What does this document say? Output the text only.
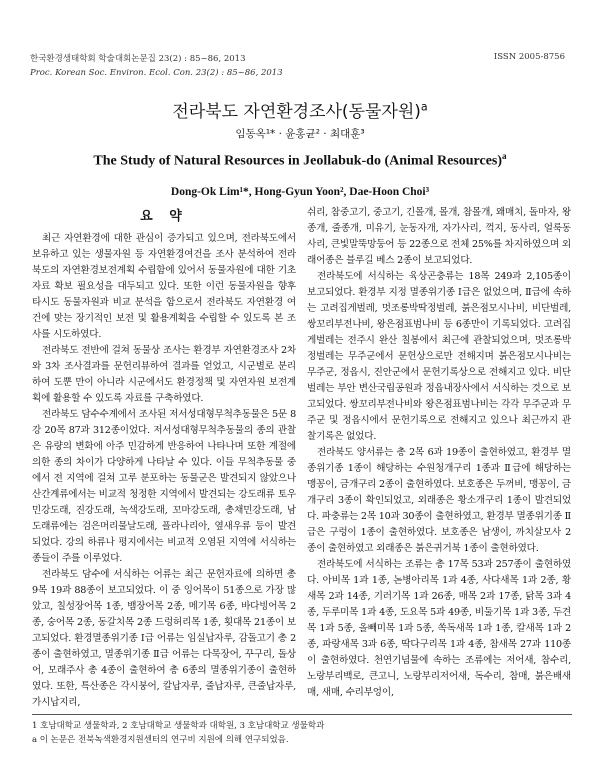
한국환경생태학회 학술대회논문집 23(2) : 85~86, 2013
Proc. Korean Soc. Environ. Ecol. Con. 23(2) : 85~86, 2013
ISSN 2005-8756
전라북도 자연환경조사(동물자원)$^a$
임동옥¹* · 윤홍균² · 최대훈³
The Study of Natural Resources in Jeollabuk-do (Animal Resources)$^a$
Dong-Ok Lim¹*, Hong-Gyun Yoon², Dae-Hoon Choi³
요 약

최근 자연환경에 대한 관심이 증가되고 있으며, 전라북도에서 보유하고 있는 생물자원 등 자연환경여건을 조사 분석하여 전라북도의 자연환경보전계획 수립함에 있어서 동물자원에 대한 기초자료 확보 필요성을 대두되고 있다. 또한 이런 동물자원을 향후 타시도 동물자원과 비교 분석을 함으로서 전라북도 자연환경 여건에 맞는 장기적인 보전 및 활용계획을 수립할 수 있도록 본 조사를 시도하였다.

전라북도 전반에 걸쳐 동물상 조사는 환경부 자연환경조사 2차와 3차 조사결과를 문헌리뷰하여 결과를 얻었고, 시군별로 분리하여 도뿐 만이 아니라 시군에서도 환경정책 및 자연자원 보전계획에 활용할 수 있도록 자료를 구축하였다.

전라북도 담수수계에서 조사된 저서성대형무척추동물은 5문 8강 20목 87과 312종이었다. 저서성대형무척추동물의 종의 관찰은 유량의 변화에 아주 민감하게 반응하여 나타나며 또한 계절에 의한 종의 차이가 다양하게 나타날 수 있다. 이들 무척추동물 중에서 전 지역에 걸쳐 고루 분포하는 동물군은 발견되지 않았으나 산간계류에서는 비교적 청정한 지역에서 발견되는 강도래류 토우민강도래, 진강도래, 녹색강도래, 꼬마강도래, 총채민강도래, 남도래류에는 검은머리물날도래, 플라나리아, 옆새우류 등이 발견되었다. 강의 하류나 평지에서는 비교적 오염된 지역에 서식하는 종들이 주를 이루었다.

전라북도 담수에 서식하는 어류는 최근 문헌자료에 의하면 총 9목 19과 88종이 보고되었다. 이 중 잉어목이 51종으로 가장 많았고, 칠성장어목 1종, 뱀장어목 2종, 메기목 6종, 바다빙어목 2종, 숭어목 2종, 동갈치목 2종 드렁허리목 1종, 횟대목 21종이 보고되었다. 환경멸종위기종 Ⅰ급 어류는 임실납자루, 감돌고기 총 2종이 출현하였고, 멸종위기종 Ⅱ급 어류는 다묵장어, 꾸구리, 돌상어, 모래주사 총 4종이 출현하여 총 6종의 멸종위기종이 출현하였다. 또한, 특산종은 각시붕어, 칼납자루, 줄납자루, 큰줄납자루, 가시납지리,

쉬리, 참중고기, 중고기, 긴몰개, 몰개, 참몰개, 왜매치, 돌마자, 왕종개, 줄종개, 미유기, 눈동자개, 자가사리, 꺽지, 동사리, 얼룩동사리, 큰빛말뚝망둥어 등 22종으로 전체 25%를 차지하였으며 외래어종은 블루길 베스 2종이 보고되었다.

전라북도에 서식하는 육상곤충류는 18목 249과 2,105종이 보고되었다. 환경부 지정 멸종위기종 Ⅰ급은 없었으며, Ⅱ급에 속하는 고려집게벌레, 멋조롱박딱정벌레, 붉은점모시나비, 비단벌레, 쌍꼬리부전나비, 왕은점표범나비 등 6종만이 기록되었다. 고려집게벌레는 전주시 완산 칠봉에서 최근에 관찰되었으며, 멋조롱박정벌레는 무주군에서 문헌상으로만 전해지며 붉은점모시나비는 무주군, 정읍시, 진안군에서 문헌기록상으로 전해지고 있다. 비단벌레는 부안 변산국립공원과 정읍내장사에서 서식하는 것으로 보고되었다. 쌍꼬리부전나비와 왕은점표범나비는 각각 무주군과 무주군 및 정읍시에서 문헌기록으로 전해지고 있으나 최근까지 관찰기록은 없었다.

전라북도 양서류는 총 2목 6과 19종이 출현하였고, 환경부 멸종위기종 1종이 해당하는 수원청개구리 1종과 Ⅱ급에 해당하는 맹꽁이, 금개구리 2종이 출현하였다. 보호종은 두꺼비, 맹꽁이, 금개구리 3종이 확인되었고, 외래종은 황소개구리 1종이 발견되었다. 파충류는 2목 10과 30종이 출현하였고, 환경부 멸종위기종 Ⅱ급은 구렁이 1종이 출현하였다. 보호종은 남생이, 까치살모사 2종이 출현하였고 외래종은 붉은귀거북 1종이 출현하였다.

전라북도에 서식하는 조류는 총 17목 53과 257종이 출현하였다. 아비목 1과 1종, 논병아리목 1과 4종, 사다새목 1과 2종, 황새목 2과 14종, 기러기목 1과 26종, 매목 2과 17종, 닭목 3과 4종, 두루미목 1과 4종, 도요목 5과 49종, 비둘기목 1과 3종, 두견목 1과 5종, 올빼미목 1과 5종, 쏙독새목 1과 1종, 칼새목 1과 2종, 파랑새목 3과 6종, 딱다구리목 1과 4종, 참새목 27과 110종이 출현하였다. 천연기념물에 속하는 조류에는 저어새, 참수리, 노랑부리백로, 큰고니, 노랑부리저어새, 독수리, 참매, 붉은배새매, 새매, 수리부엉이,

1 호남대학교 생물학과, 2 호남대학교 생물학과 대학원, 3 호남대학교 생물학과
a 이 논문은 전북녹색환경지원센터의 연구비 지원에 의해 연구되었음.
